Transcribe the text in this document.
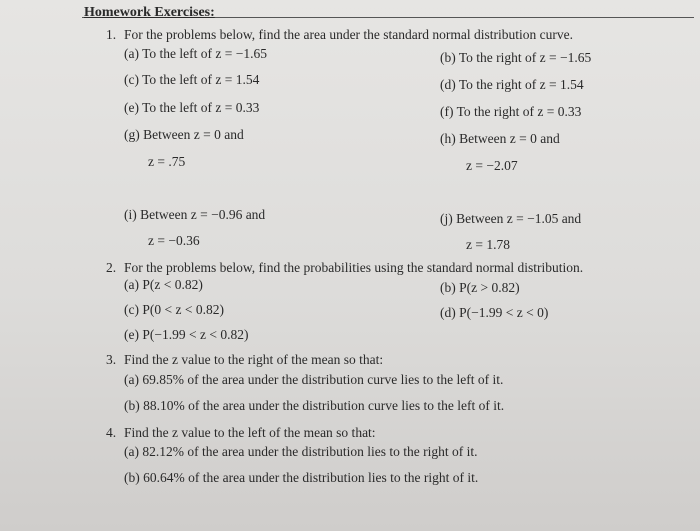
Homework Exercises:
1. For the problems below, find the area under the standard normal distribution curve.
(a) To the left of z = −1.65	(b) To the right of z = −1.65
(c) To the left of z = 1.54	(d) To the right of z = 1.54
(e) To the left of z = 0.33	(f) To the right of z = 0.33
(g) Between z = 0 and	(h) Between z = 0 and
z = .75	z = −2.07
(i) Between z = −0.96 and	(j) Between z = −1.05 and
z = −0.36	z = 1.78
2. For the problems below, find the probabilities using the standard normal distribution.
(a) P(z < 0.82)	(b) P(z > 0.82)
(c) P(0 < z < 0.82)	(d) P(−1.99 < z < 0)
(e) P(−1.99 < z < 0.82)
3. Find the z value to the right of the mean so that:
(a) 69.85% of the area under the distribution curve lies to the left of it.
(b) 88.10% of the area under the distribution curve lies to the left of it.
4. Find the z value to the left of the mean so that:
(a) 82.12% of the area under the distribution lies to the right of it.
(b) 60.64% of the area under the distribution lies to the right of it.
